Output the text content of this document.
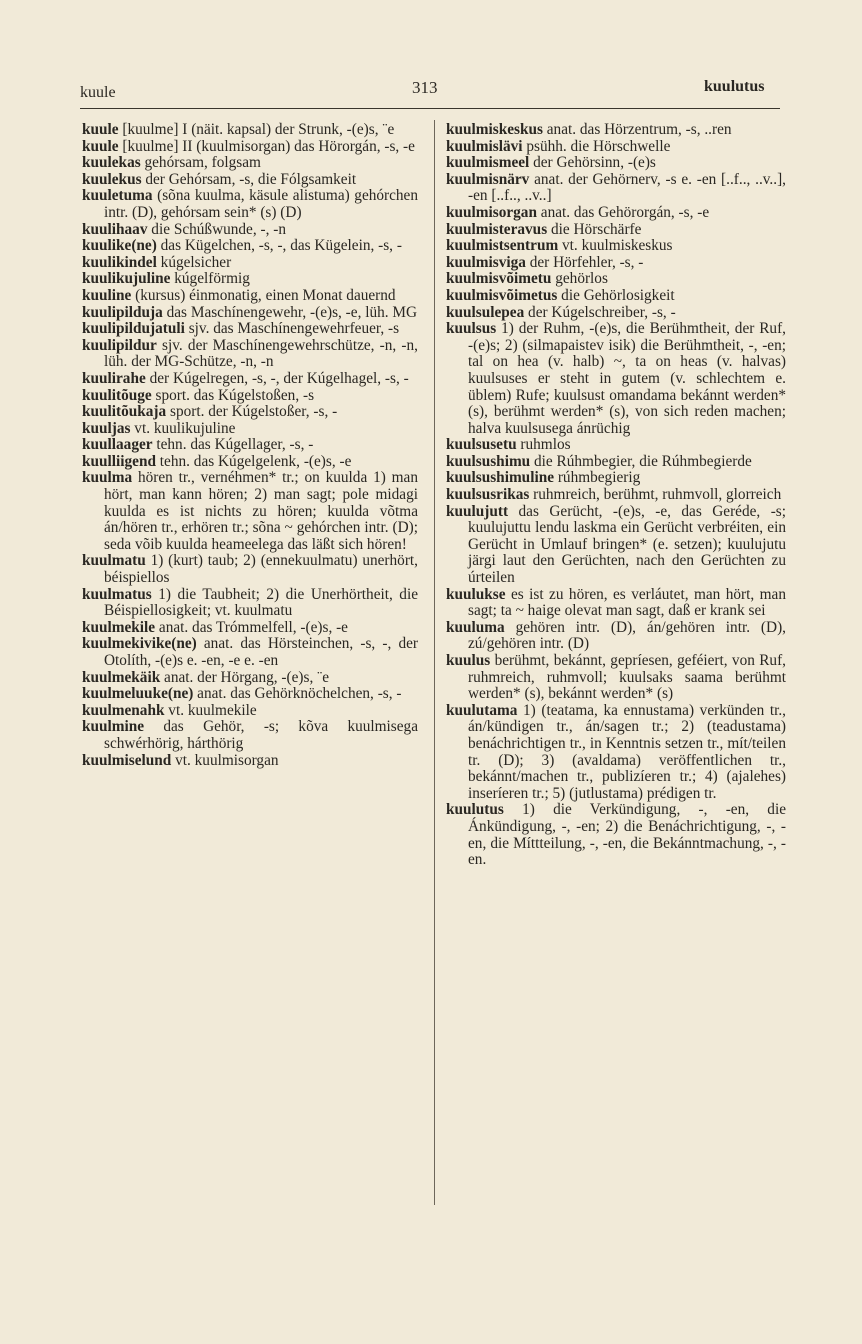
kuule	313	kuulutus

kuule [kuulme] I (näit. kapsal) der Strunk, -(e)s, ¨e

kuule [kuulme] II (kuulmisorgan) das Hörorgán, -s, -e

kuulekas gehórsam, folgsam

kuulekus der Gehórsam, -s, die Fólgsamkeit

kuuletuma (sõna kuulma, käsule alistuma) gehórchen intr. (D), gehórsam sein* (s) (D)

kuulihaav die Schúßwunde, -, -n

kuulike(ne) das Kügelchen, -s, -, das Kügelein, -s, -

kuulikindel kúgelsicher

kuulikujuline kúgelförmig

kuuline (kursus) éinmonatig, einen Monat dauernd

kuulipilduja das Maschínengewehr, -(e)s, -e, lüh. MG

kuulipildujatuli sjv. das Maschínengewehrfeuer, -s

kuulipildur sjv. der Maschínengewehrschütze, -n, -n, lüh. der MG-Schütze, -n, -n

kuulirahe der Kúgelregen, -s, -, der Kúgelhagel, -s, -

kuulitõuge sport. das Kúgelstoßen, -s

kuulitõukaja sport. der Kúgelstoßer, -s, -

kuuljas vt. kuulikujuline

kuullaager tehn. das Kúgellager, -s, -

kuulliigend tehn. das Kúgelgelenk, -(e)s, -e

kuulma hören tr., vernéhmen* tr.; on kuulda 1) man hört, man kann hören; 2) man sagt; pole midagi kuulda es ist nichts zu hören; kuulda võtma án/hören tr., erhören tr.; sõna ~ gehórchen intr. (D); seda võib kuulda heameelega das läßt sich hören!

kuulmatu 1) (kurt) taub; 2) (ennekuulmatu) unerhört, béispiellos

kuulmatus 1) die Taubheit; 2) die Unerhörtheit, die Béispiellosigkeit; vt. kuulmatu

kuulmekile anat. das Trómmelfell, -(e)s, -e

kuulmekivike(ne) anat. das Hörsteinchen, -s, -, der Otolíth, -(e)s e. -en, -e e. -en

kuulmekäik anat. der Hörgang, -(e)s, ¨e

kuulmeluuke(ne) anat. das Gehörknöchelchen, -s, -

kuulmenahk vt. kuulmekile

kuulmine das Gehör, -s; kõva kuulmisega schwérhörig, hárthörig

kuulmiselund vt. kuulmisorgan

kuulmiskeskus anat. das Hörzentrum, -s, ..ren

kuulmislävi psühh. die Hörschwelle

kuulmismeel der Gehörsinn, -(e)s

kuulmisnärv anat. der Gehörnerv, -s e. -en [..f.., ..v..], -en [..f.., ..v..]

kuulmisorgan anat. das Gehörorgán, -s, -e

kuulmisteravus die Hörschärfe

kuulmistsentrum vt. kuulmiskeskus

kuulmisviga der Hörfehler, -s, -

kuulmisvõimetu gehörlos

kuulmisvõimetus die Gehörlosigkeit

kuulsulepea der Kúgelschreiber, -s, -

kuulsus 1) der Ruhm, -(e)s, die Berühmtheit, der Ruf, -(e)s; 2) (silmapaistev isik) die Berühmtheit, -, -en; tal on hea (v. halb) ~, ta on heas (v. halvas) kuulsuses er steht in gutem (v. schlechtem e. üblem) Rufe; kuulsust omandama bekánnt werden* (s), berühmt werden* (s), von sich reden machen; halva kuulsusega ánrüchig

kuulsusetu ruhmlos

kuulsushimu die Rúhmbegier, die Rúhmbegierde

kuulsushimuline rúhmbegierig

kuulsusrikas ruhmreich, berühmt, ruhmvoll, glorreich

kuulujutt das Gerücht, -(e)s, -e, das Geréde, -s; kuulujuttu lendu laskma ein Gerücht verbréiten, ein Gerücht in Umlauf bringen* (e. setzen); kuulujutu järgi laut den Gerüchten, nach den Gerüchten zu úrteilen

kuulukse es ist zu hören, es verláutet, man hört, man sagt; ta ~ haige olevat man sagt, daß er krank sei

kuuluma gehören intr. (D), án/gehören intr. (D), zú/gehören intr. (D)

kuulus berühmt, bekánnt, gepríesen, geféiert, von Ruf, ruhmreich, ruhmvoll; kuulsaks saama berühmt werden* (s), bekánnt werden* (s)

kuulutama 1) (teatama, ka ennustama) verkünden tr., án/kündigen tr., án/sagen tr.; 2) (teadustama) benáchrichtigen tr., in Kenntnis setzen tr., mít/teilen tr. (D); 3) (avaldama) veröffentlichen tr., bekánnt/machen tr., publizíeren tr.; 4) (ajalehes) inseríeren tr.; 5) (jutlustama) prédigen tr.

kuulutus 1) die Verkündigung, -, -en, die Ánkündigung, -, -en; 2) die Benáchrichtigung, -, -en, die Míttteilung, -, -en, die Bekánntmachung, -, -en.
